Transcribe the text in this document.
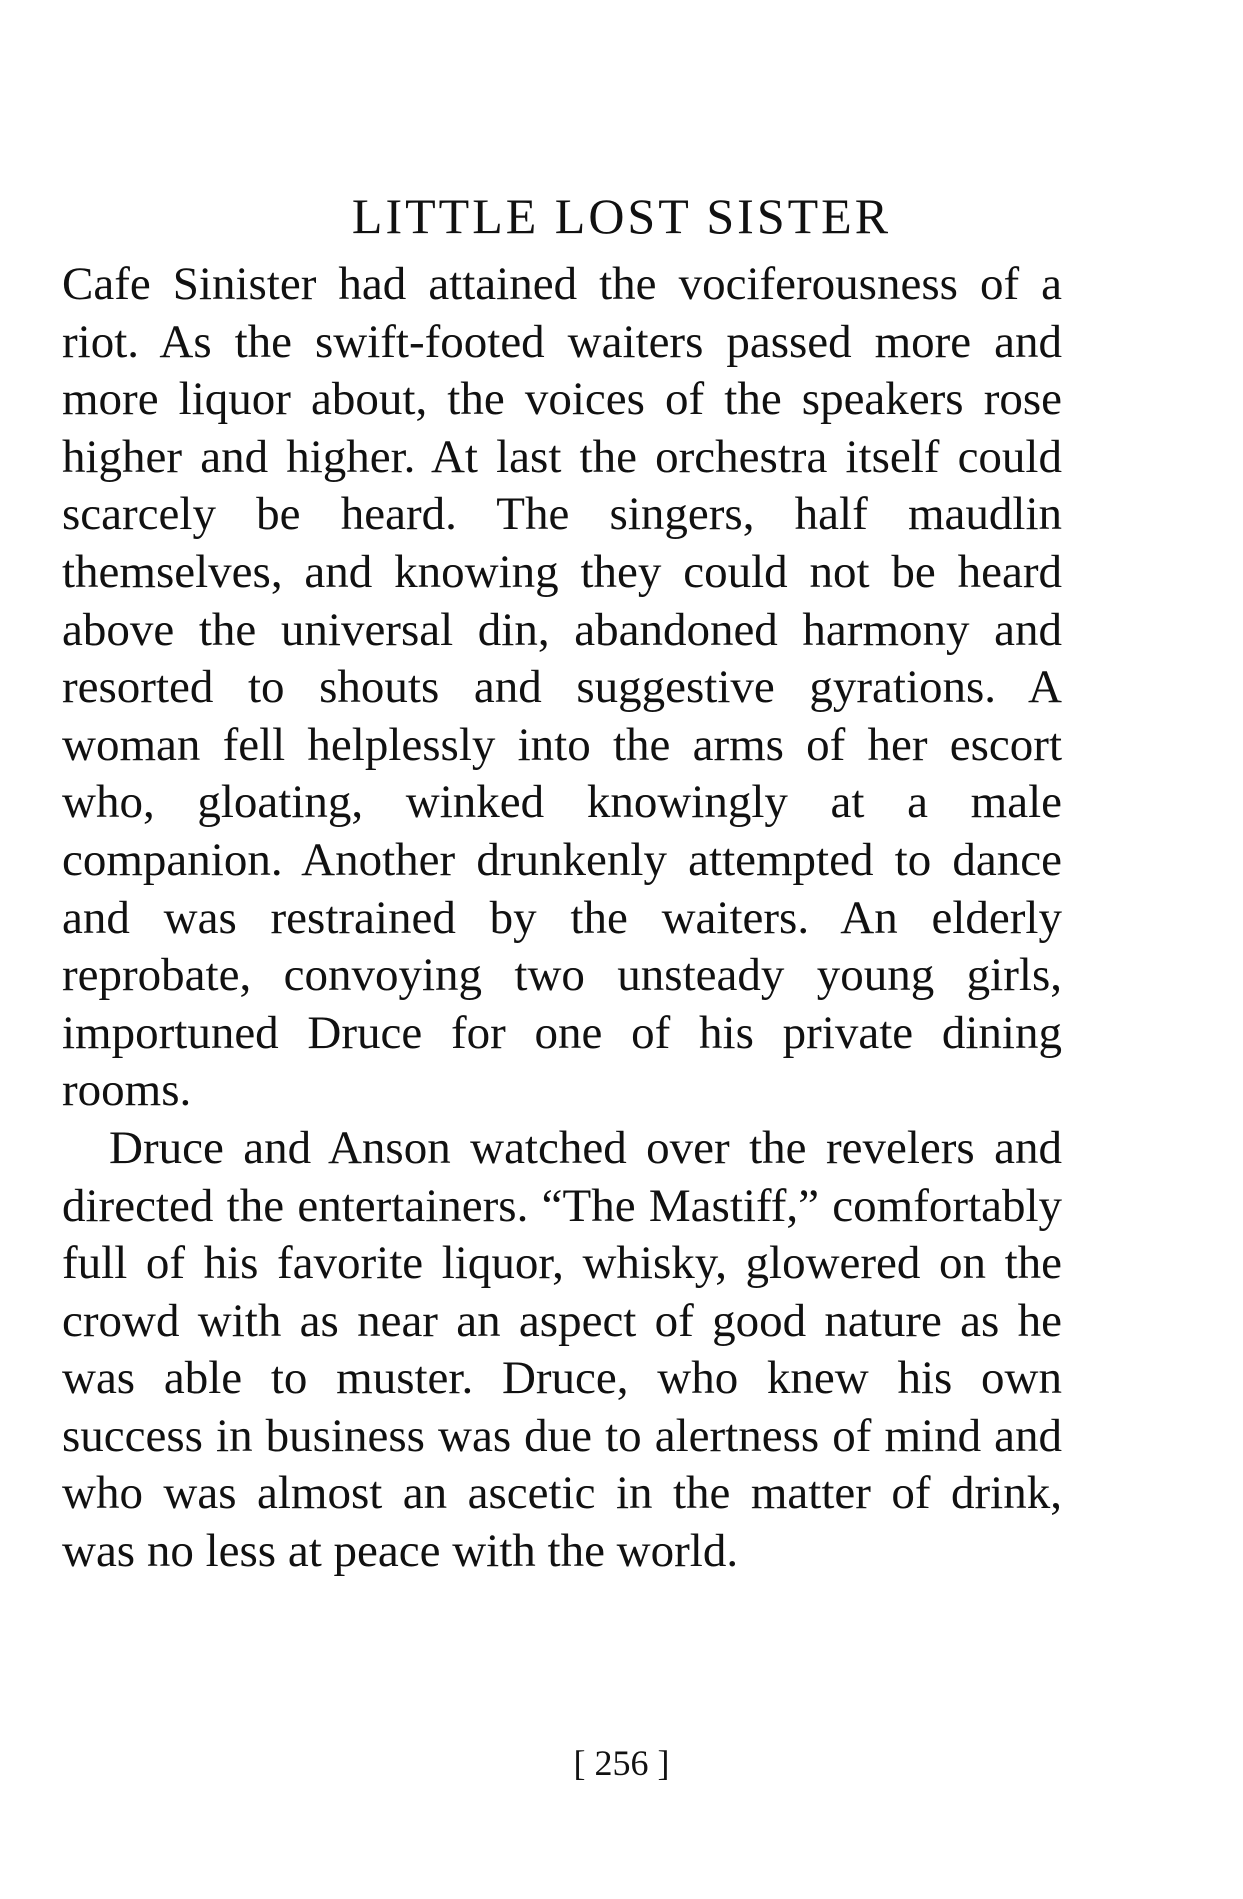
LITTLE LOST SISTER

Cafe Sinister had attained the vociferousness of a riot. As the swift-footed waiters passed more and more liquor about, the voices of the speakers rose higher and higher. At last the orchestra itself could scarcely be heard. The singers, half maudlin themselves, and knowing they could not be heard above the universal din, abandoned harmony and resorted to shouts and suggestive gyrations. A woman fell helplessly into the arms of her escort who, gloating, winked knowingly at a male companion. Another drunkenly attempted to dance and was restrained by the waiters. An elderly reprobate, convoying two unsteady young girls, importuned Druce for one of his private dining rooms.

Druce and Anson watched over the revelers and directed the entertainers. “The Mastiff,” comfortably full of his favorite liquor, whisky, glowered on the crowd with as near an aspect of good nature as he was able to muster. Druce, who knew his own success in business was due to alertness of mind and who was almost an ascetic in the matter of drink, was no less at peace with the world.

[ 256 ]
